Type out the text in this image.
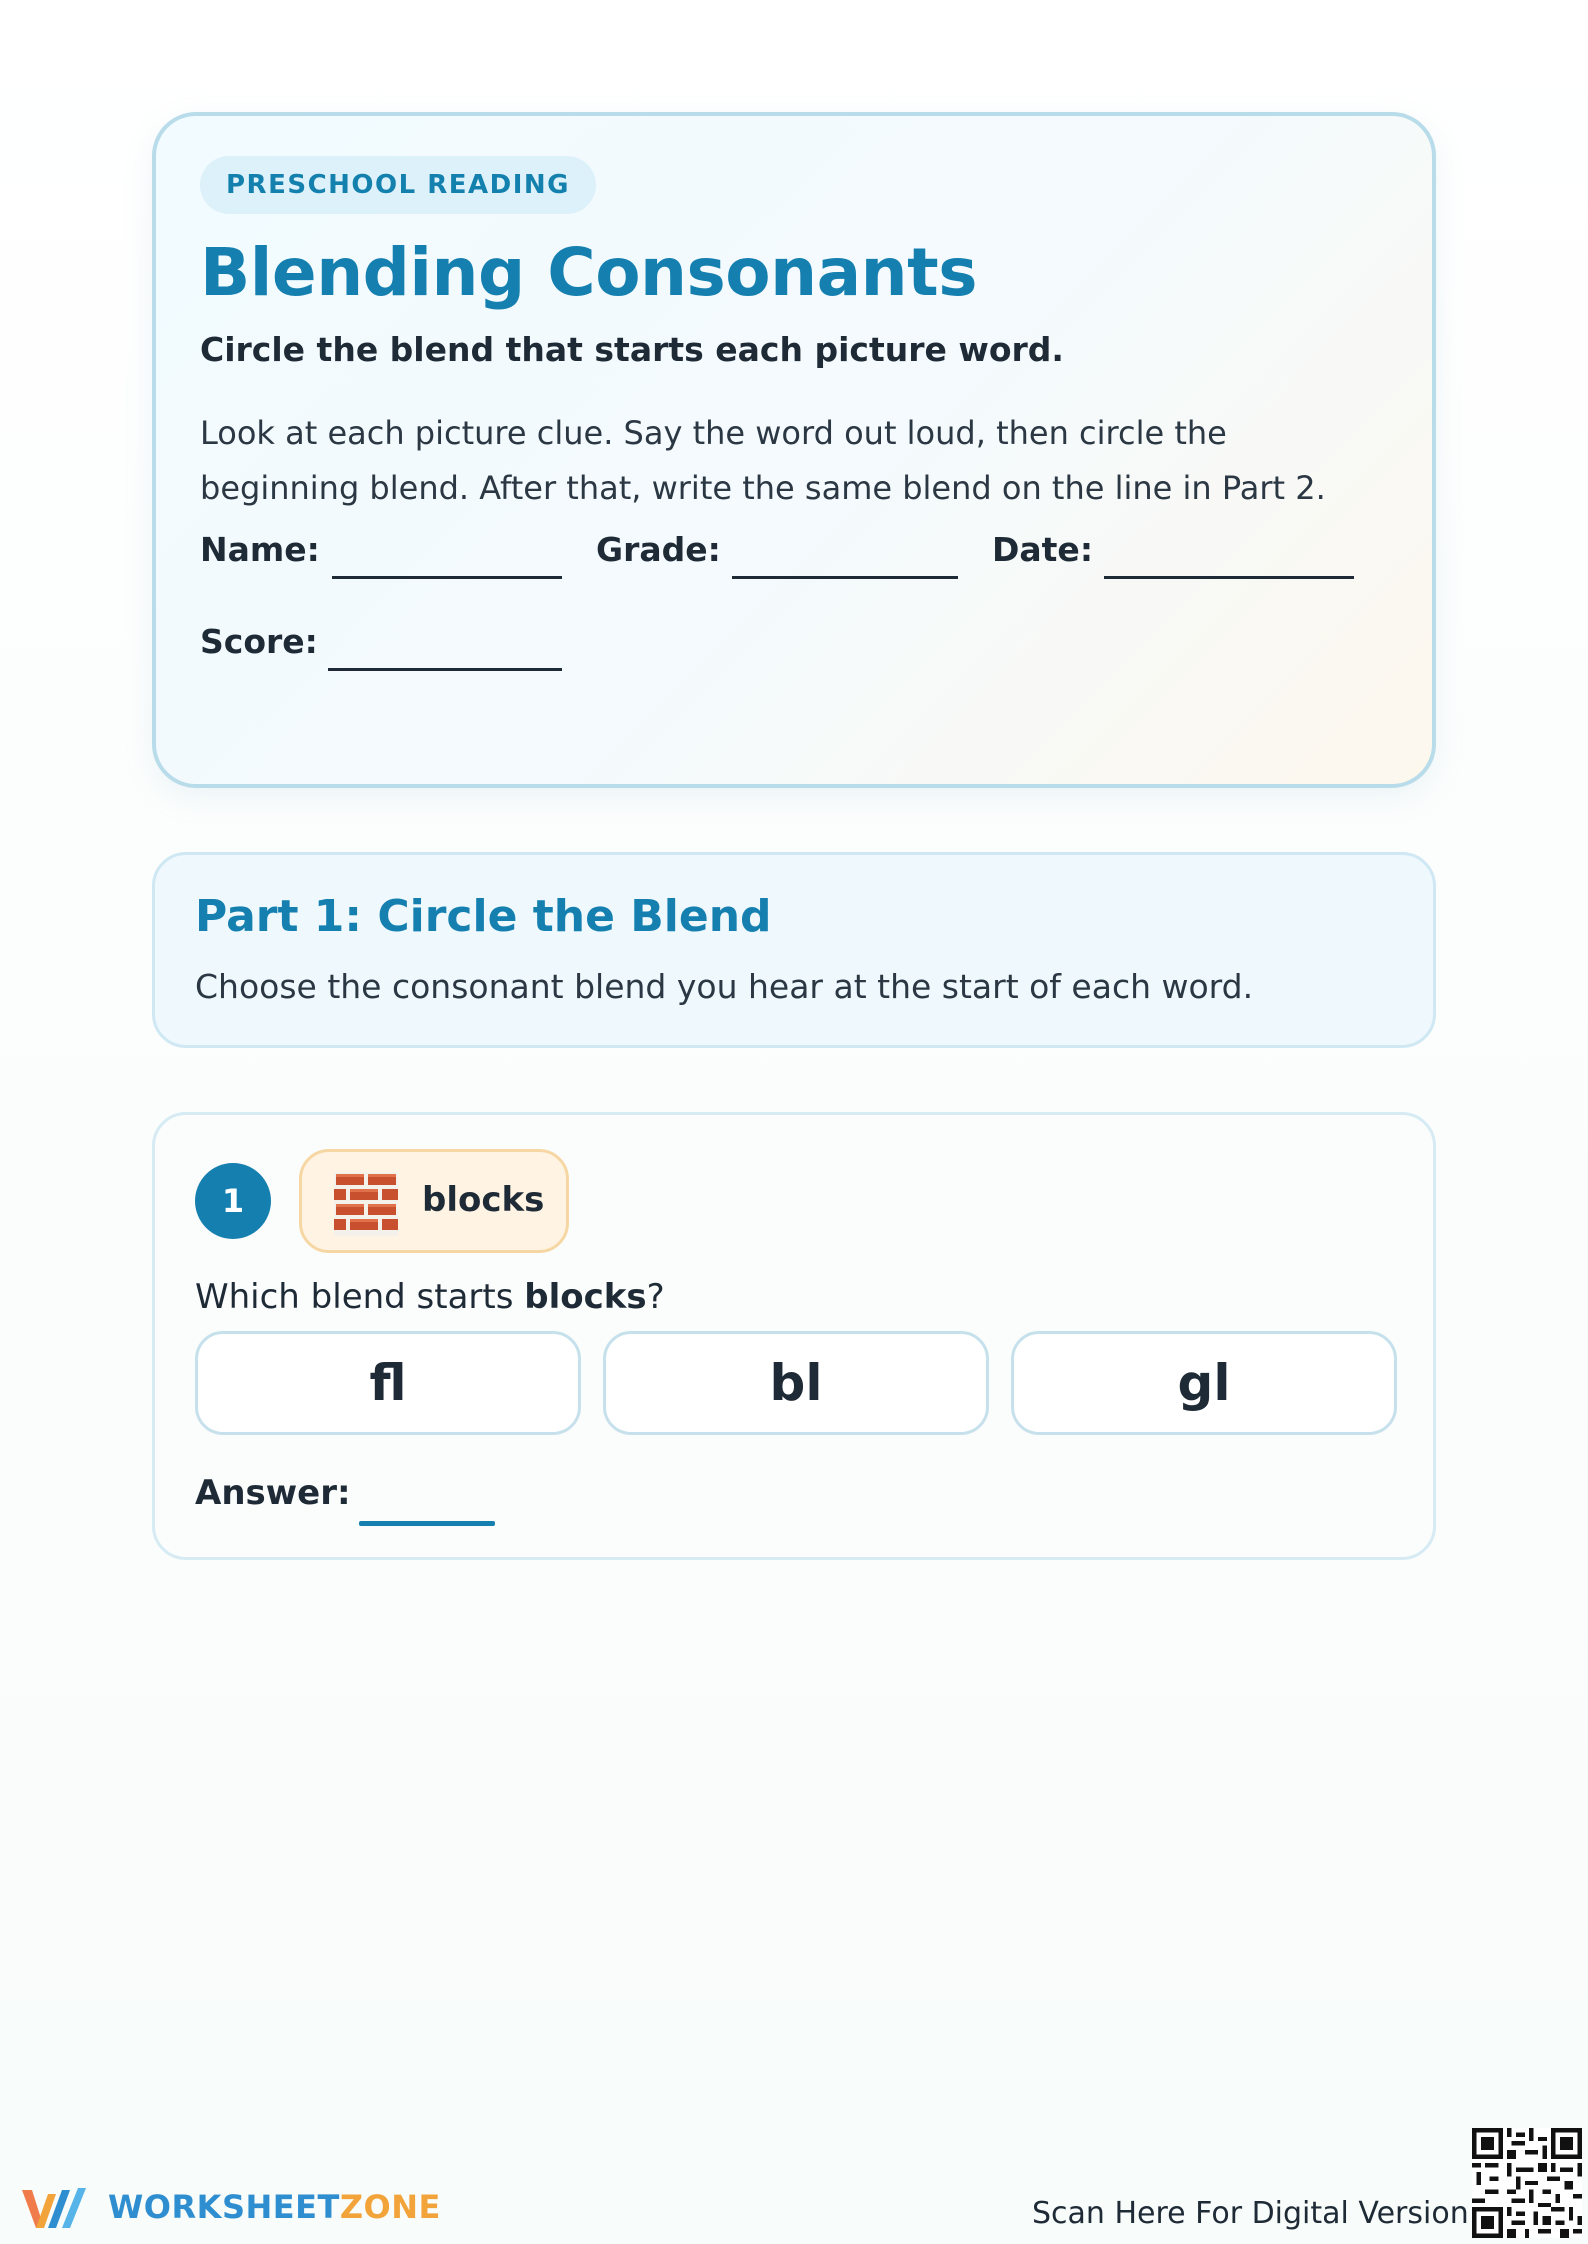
PRESCHOOL READING
Blending Consonants
Circle the blend that starts each picture word.
Look at each picture clue. Say the word out loud, then circle the beginning blend. After that, write the same blend on the line in Part 2.
Name:	Grade:	Date:
Score:
Part 1: Circle the Blend
Choose the consonant blend you hear at the start of each word.
1	blocks
Which blend starts blocks?
fl	bl	gl
Answer:
WORKSHEETZONE	Scan Here For Digital Version
